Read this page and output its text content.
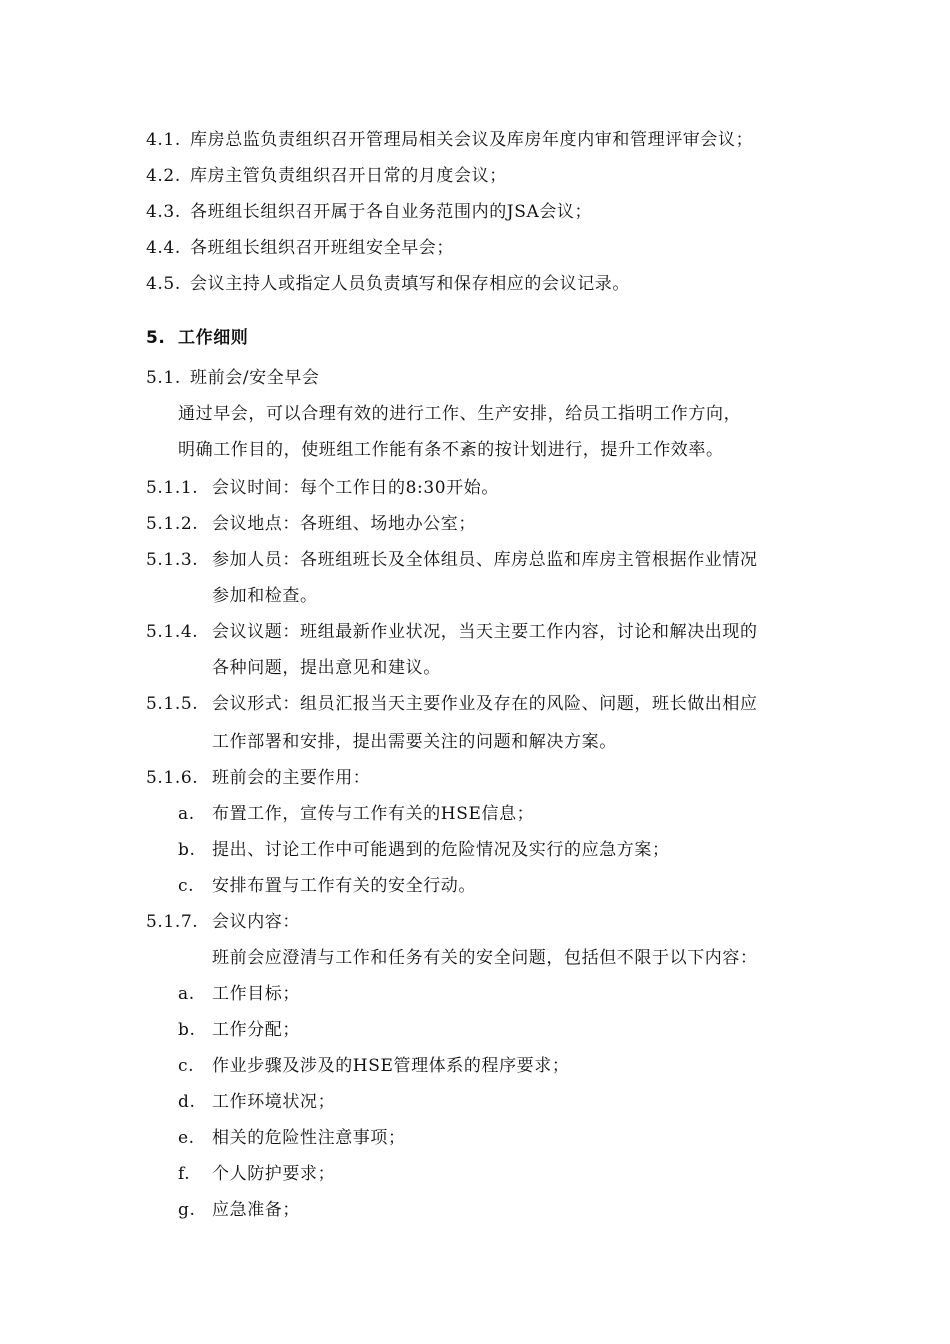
4.1. 库房总监负责组织召开管理局相关会议及库房年度内审和管理评审会议；
4.2. 库房主管负责组织召开日常的月度会议；
4.3. 各班组长组织召开属于各自业务范围内的JSA会议；
4.4. 各班组长组织召开班组安全早会；
4.5. 会议主持人或指定人员负责填写和保存相应的会议记录。
5. 工作细则
5.1. 班前会/安全早会
通过早会，可以合理有效的进行工作、生产安排，给员工指明工作方向，
明确工作目的，使班组工作能有条不紊的按计划进行，提升工作效率。
5.1.1. 会议时间：每个工作日的8:30开始。
5.1.2. 会议地点：各班组、场地办公室；
5.1.3. 参加人员：各班组班长及全体组员、库房总监和库房主管根据作业情况
参加和检查。
5.1.4. 会议议题：班组最新作业状况，当天主要工作内容，讨论和解决出现的
各种问题，提出意见和建议。
5.1.5. 会议形式：组员汇报当天主要作业及存在的风险、问题，班长做出相应
工作部署和安排，提出需要关注的问题和解决方案。
5.1.6. 班前会的主要作用：
a. 布置工作，宣传与工作有关的HSE信息；
b. 提出、讨论工作中可能遇到的危险情况及实行的应急方案；
c. 安排布置与工作有关的安全行动。
5.1.7. 会议内容：
班前会应澄清与工作和任务有关的安全问题，包括但不限于以下内容：
a. 工作目标；
b. 工作分配；
c. 作业步骤及涉及的HSE管理体系的程序要求；
d. 工作环境状况；
e. 相关的危险性注意事项；
f. 个人防护要求；
g. 应急准备；
